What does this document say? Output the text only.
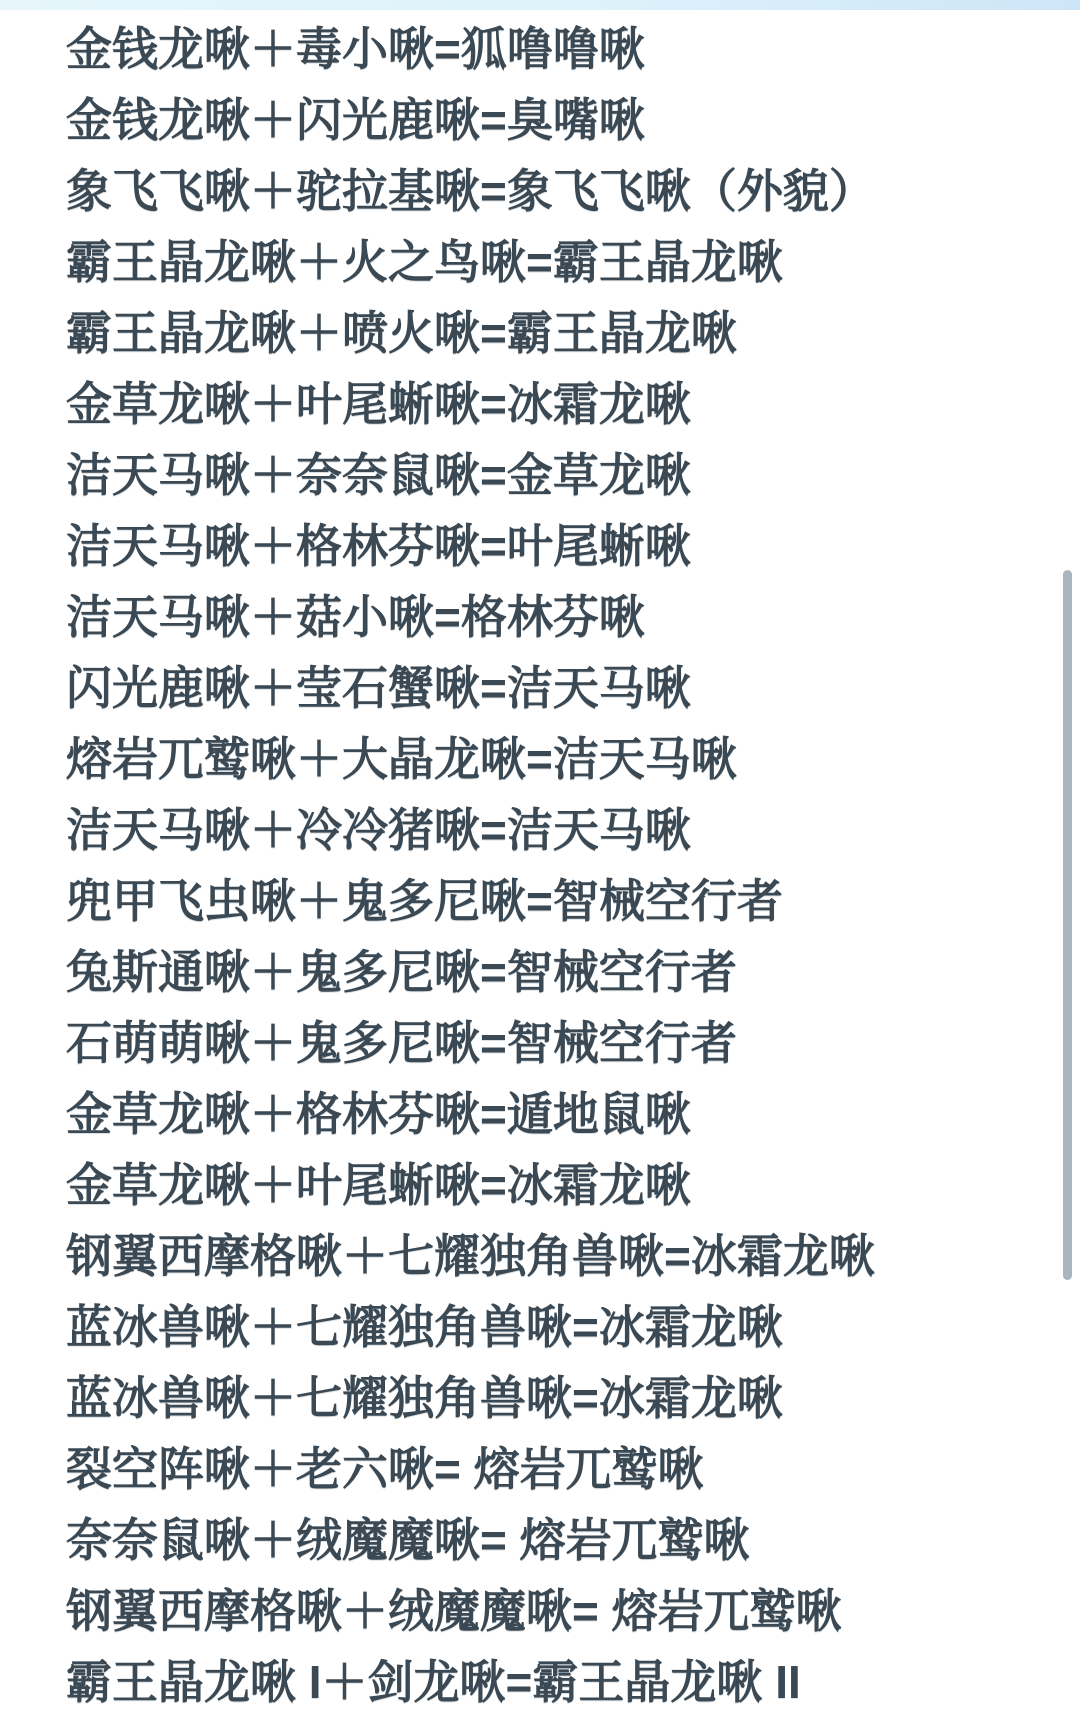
金钱龙啾＋毒小啾=狐噜噜啾
金钱龙啾＋闪光鹿啾=臭嘴啾
象飞飞啾＋驼拉基啾=象飞飞啾（外貌）
霸王晶龙啾＋火之鸟啾=霸王晶龙啾
霸王晶龙啾＋喷火啾=霸王晶龙啾
金草龙啾＋叶尾蜥啾=冰霜龙啾
洁天马啾＋奈奈鼠啾=金草龙啾
洁天马啾＋格林芬啾=叶尾蜥啾
洁天马啾＋菇小啾=格林芬啾
闪光鹿啾＋莹石蟹啾=洁天马啾
熔岩兀鹫啾＋大晶龙啾=洁天马啾
洁天马啾＋冷冷猪啾=洁天马啾
兜甲飞虫啾＋鬼多尼啾=智械空行者
兔斯通啾＋鬼多尼啾=智械空行者
石萌萌啾＋鬼多尼啾=智械空行者
金草龙啾＋格林芬啾=遁地鼠啾
金草龙啾＋叶尾蜥啾=冰霜龙啾
钢翼西摩格啾＋七耀独角兽啾=冰霜龙啾
蓝冰兽啾＋七耀独角兽啾=冰霜龙啾
蓝冰兽啾＋七耀独角兽啾=冰霜龙啾
裂空阵啾＋老六啾= 熔岩兀鹫啾
奈奈鼠啾＋绒魔魔啾= 熔岩兀鹫啾
钢翼西摩格啾＋绒魔魔啾= 熔岩兀鹫啾
霸王晶龙啾 I＋剑龙啾=霸王晶龙啾 II
